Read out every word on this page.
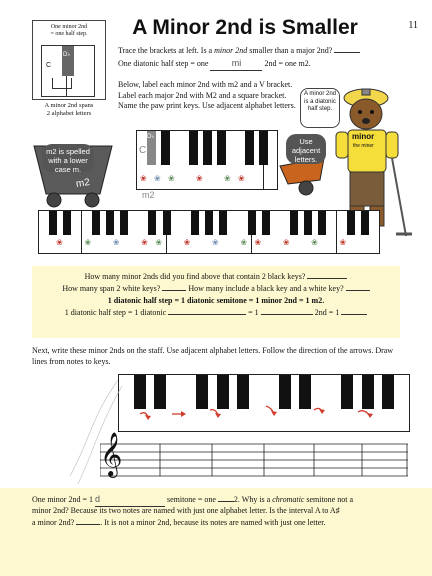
A Minor 2nd is Smaller	11
One minor 2nd
= one half step.
C
D♭
A minor 2nd spans
2 alphabet letters
Trace the brackets at left. Is a minor 2nd smaller than a major 2nd?
One diatonic half step = one	mi	2nd = one m2.
Below, label each minor 2nd with m2 and a V bracket. Label each major 2nd with M2 and a square bracket. Name the paw print keys. Use adjacent alphabet letters.
A minor 2nd is a diatonic half step.
minor
the miner
m2 is spelled with a lower case m.
m2
Use adjacent letters.
C
D♭
❀ ❀ ❀	❀	❀ ❀
m2
❀	❀	❀	❀ ❀	❀	❀	❀ ❀	❀	❀	❀
How many minor 2nds did you find above that contain 2 black keys?
How many span 2 white keys?	How many include a black key and a white key?
1 diatonic half step = 1 diatonic semitone = 1 minor 2nd = 1 m2.
1 diatonic half step = 1 diatonic	= 1	2nd = 1
Next, write these minor 2nds on the staff. Use adjacent alphabet letters. Follow the direction of the arrows. Draw lines from notes to keys.
𝄞
One minor 2nd = 1 d	semitone = one 2. Why is a chromatic semitone not a
minor 2nd? Because its two notes are named with just one alphabet letter. Is the interval A to A♯
a minor 2nd?	. It is not a minor 2nd, because its notes are named with just one letter.
